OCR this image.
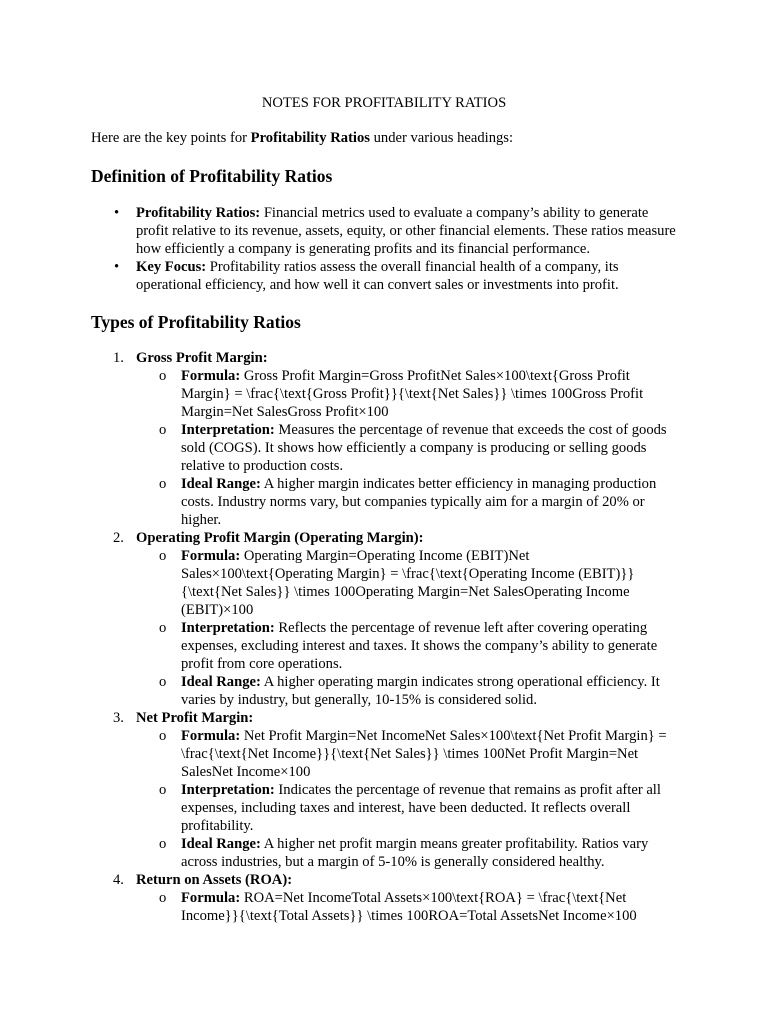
NOTES FOR PROFITABILITY RATIOS
Here are the key points for Profitability Ratios under various headings:
Definition of Profitability Ratios
• Profitability Ratios: Financial metrics used to evaluate a company’s ability to generate profit relative to its revenue, assets, equity, or other financial elements. These ratios measure how efficiently a company is generating profits and its financial performance.
• Key Focus: Profitability ratios assess the overall financial health of a company, its operational efficiency, and how well it can convert sales or investments into profit.
Types of Profitability Ratios
1. Gross Profit Margin:
o Formula: Gross Profit Margin=Gross ProfitNet Sales×100\text{Gross Profit Margin} = \frac{\text{Gross Profit}}{\text{Net Sales}} \times 100Gross Profit Margin=Net SalesGross Profit×100
o Interpretation: Measures the percentage of revenue that exceeds the cost of goods sold (COGS). It shows how efficiently a company is producing or selling goods relative to production costs.
o Ideal Range: A higher margin indicates better efficiency in managing production costs. Industry norms vary, but companies typically aim for a margin of 20% or higher.
2. Operating Profit Margin (Operating Margin):
o Formula: Operating Margin=Operating Income (EBIT)Net Sales×100\text{Operating Margin} = \frac{\text{Operating Income (EBIT)}}{\text{Net Sales}} \times 100Operating Margin=Net SalesOperating Income (EBIT)×100
o Interpretation: Reflects the percentage of revenue left after covering operating expenses, excluding interest and taxes. It shows the company’s ability to generate profit from core operations.
o Ideal Range: A higher operating margin indicates strong operational efficiency. It varies by industry, but generally, 10-15% is considered solid.
3. Net Profit Margin:
o Formula: Net Profit Margin=Net IncomeNet Sales×100\text{Net Profit Margin} = \frac{\text{Net Income}}{\text{Net Sales}} \times 100Net Profit Margin=Net SalesNet Income×100
o Interpretation: Indicates the percentage of revenue that remains as profit after all expenses, including taxes and interest, have been deducted. It reflects overall profitability.
o Ideal Range: A higher net profit margin means greater profitability. Ratios vary across industries, but a margin of 5-10% is generally considered healthy.
4. Return on Assets (ROA):
o Formula: ROA=Net IncomeTotal Assets×100\text{ROA} = \frac{\text{Net Income}}{\text{Total Assets}} \times 100ROA=Total AssetsNet Income×100
